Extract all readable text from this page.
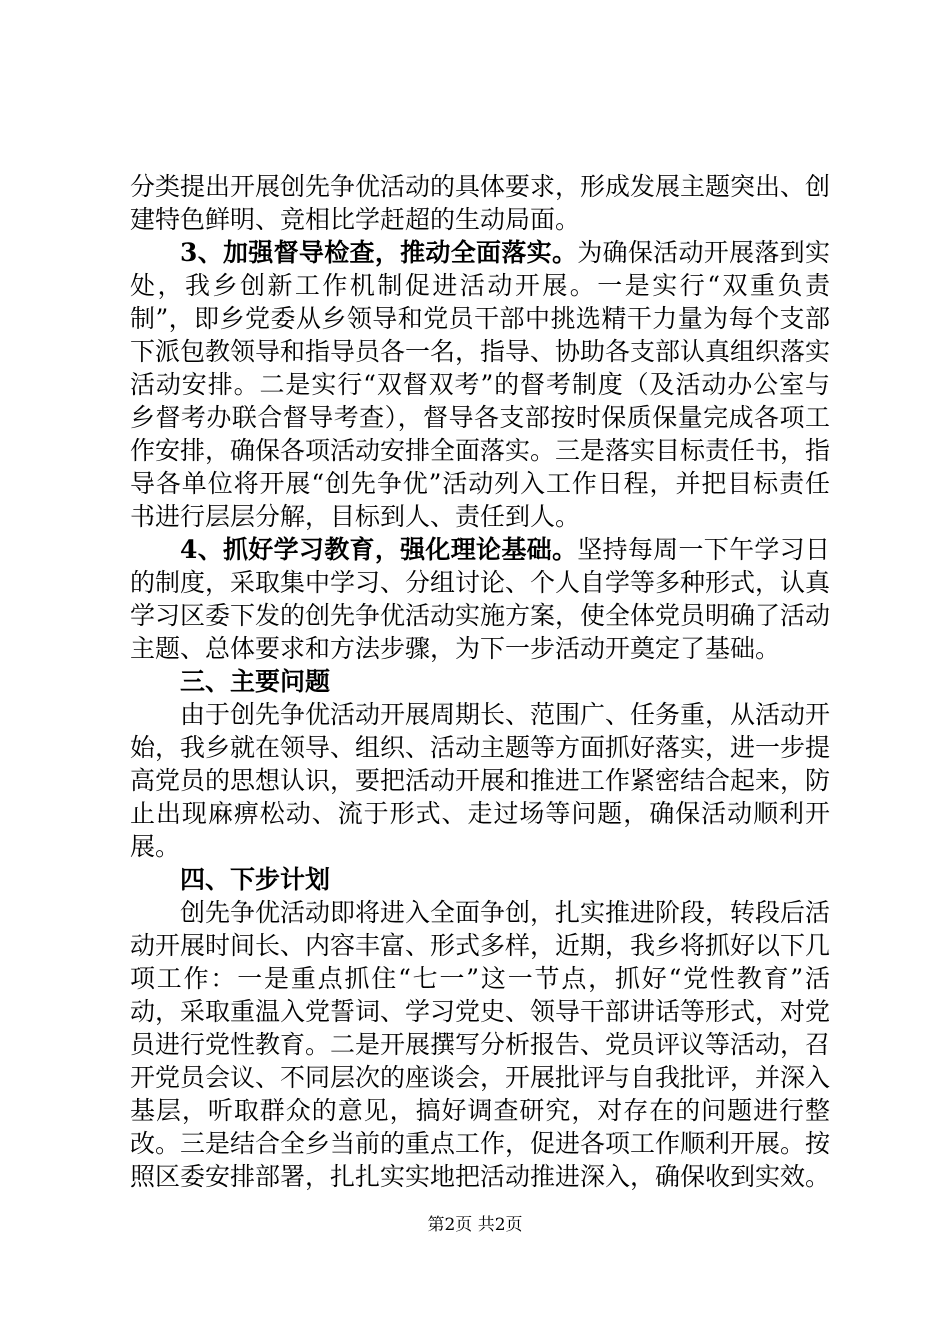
分类提出开展创先争优活动的具体要求，形成发展主题突出、创建特色鲜明、竞相比学赶超的生动局面。

3、加强督导检查，推动全面落实。为确保活动开展落到实处，我乡创新工作机制促进活动开展。一是实行“双重负责制”，即乡党委从乡领导和党员干部中挑选精干力量为每个支部下派包教领导和指导员各一名，指导、协助各支部认真组织落实活动安排。二是实行“双督双考”的督考制度（及活动办公室与乡督考办联合督导考查），督导各支部按时保质保量完成各项工作安排，确保各项活动安排全面落实。三是落实目标责任书，指导各单位将开展“创先争优”活动列入工作日程，并把目标责任书进行层层分解，目标到人、责任到人。

4、抓好学习教育，强化理论基础。坚持每周一下午学习日的制度，采取集中学习、分组讨论、个人自学等多种形式，认真学习区委下发的创先争优活动实施方案，使全体党员明确了活动主题、总体要求和方法步骤，为下一步活动开奠定了基础。

三、主要问题

由于创先争优活动开展周期长、范围广、任务重，从活动开始，我乡就在领导、组织、活动主题等方面抓好落实，进一步提高党员的思想认识，要把活动开展和推进工作紧密结合起来，防止出现麻痹松动、流于形式、走过场等问题，确保活动顺利开展。

四、下步计划

创先争优活动即将进入全面争创，扎实推进阶段，转段后活动开展时间长、内容丰富、形式多样，近期，我乡将抓好以下几项工作：一是重点抓住“七一”这一节点，抓好“党性教育”活动，采取重温入党誓词、学习党史、领导干部讲话等形式，对党员进行党性教育。二是开展撰写分析报告、党员评议等活动，召开党员会议、不同层次的座谈会，开展批评与自我批评，并深入基层，听取群众的意见，搞好调查研究，对存在的问题进行整改。三是结合全乡当前的重点工作，促进各项工作顺利开展。按照区委安排部署，扎扎实实地把活动推进深入，确保收到实效。

第2页 共2页
